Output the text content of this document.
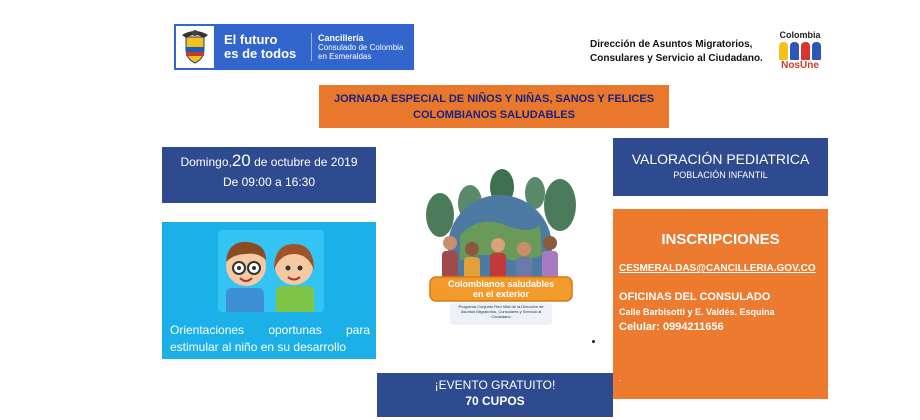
El futuro
es de todos
Cancillería
Consulado de Colombia
en Esmeraldas
Dirección de Asuntos Migratorios,
Consulares y Servicio al Ciudadano.
Colombia
NosUne
JORNADA ESPECIAL DE NIÑOS Y NIÑAS, SANOS Y FELICES
COLOMBIANOS SALUDABLES
Domingo,20 de octubre de 2019
De 09:00 a 16:30
Orientaciones oportunas para estimular al niño en su desarrollo
Colombianos saludables
en el exterior
Programa Conjunto Red Vital de la Dirección de Asuntos Migratorios, Consulares y Servicio al Ciudadano
VALORACIÓN PEDIATRICA
POBLACIÓN INFANTIL
INSCRIPCIONES
CESMERALDAS@CANCILLERIA.GOV.CO
OFICINAS DEL CONSULADO
Calle Barbisotti y E. Valdés. Esquina
Celular: 0994211656
.
¡EVENTO GRATUITO!
70 CUPOS
